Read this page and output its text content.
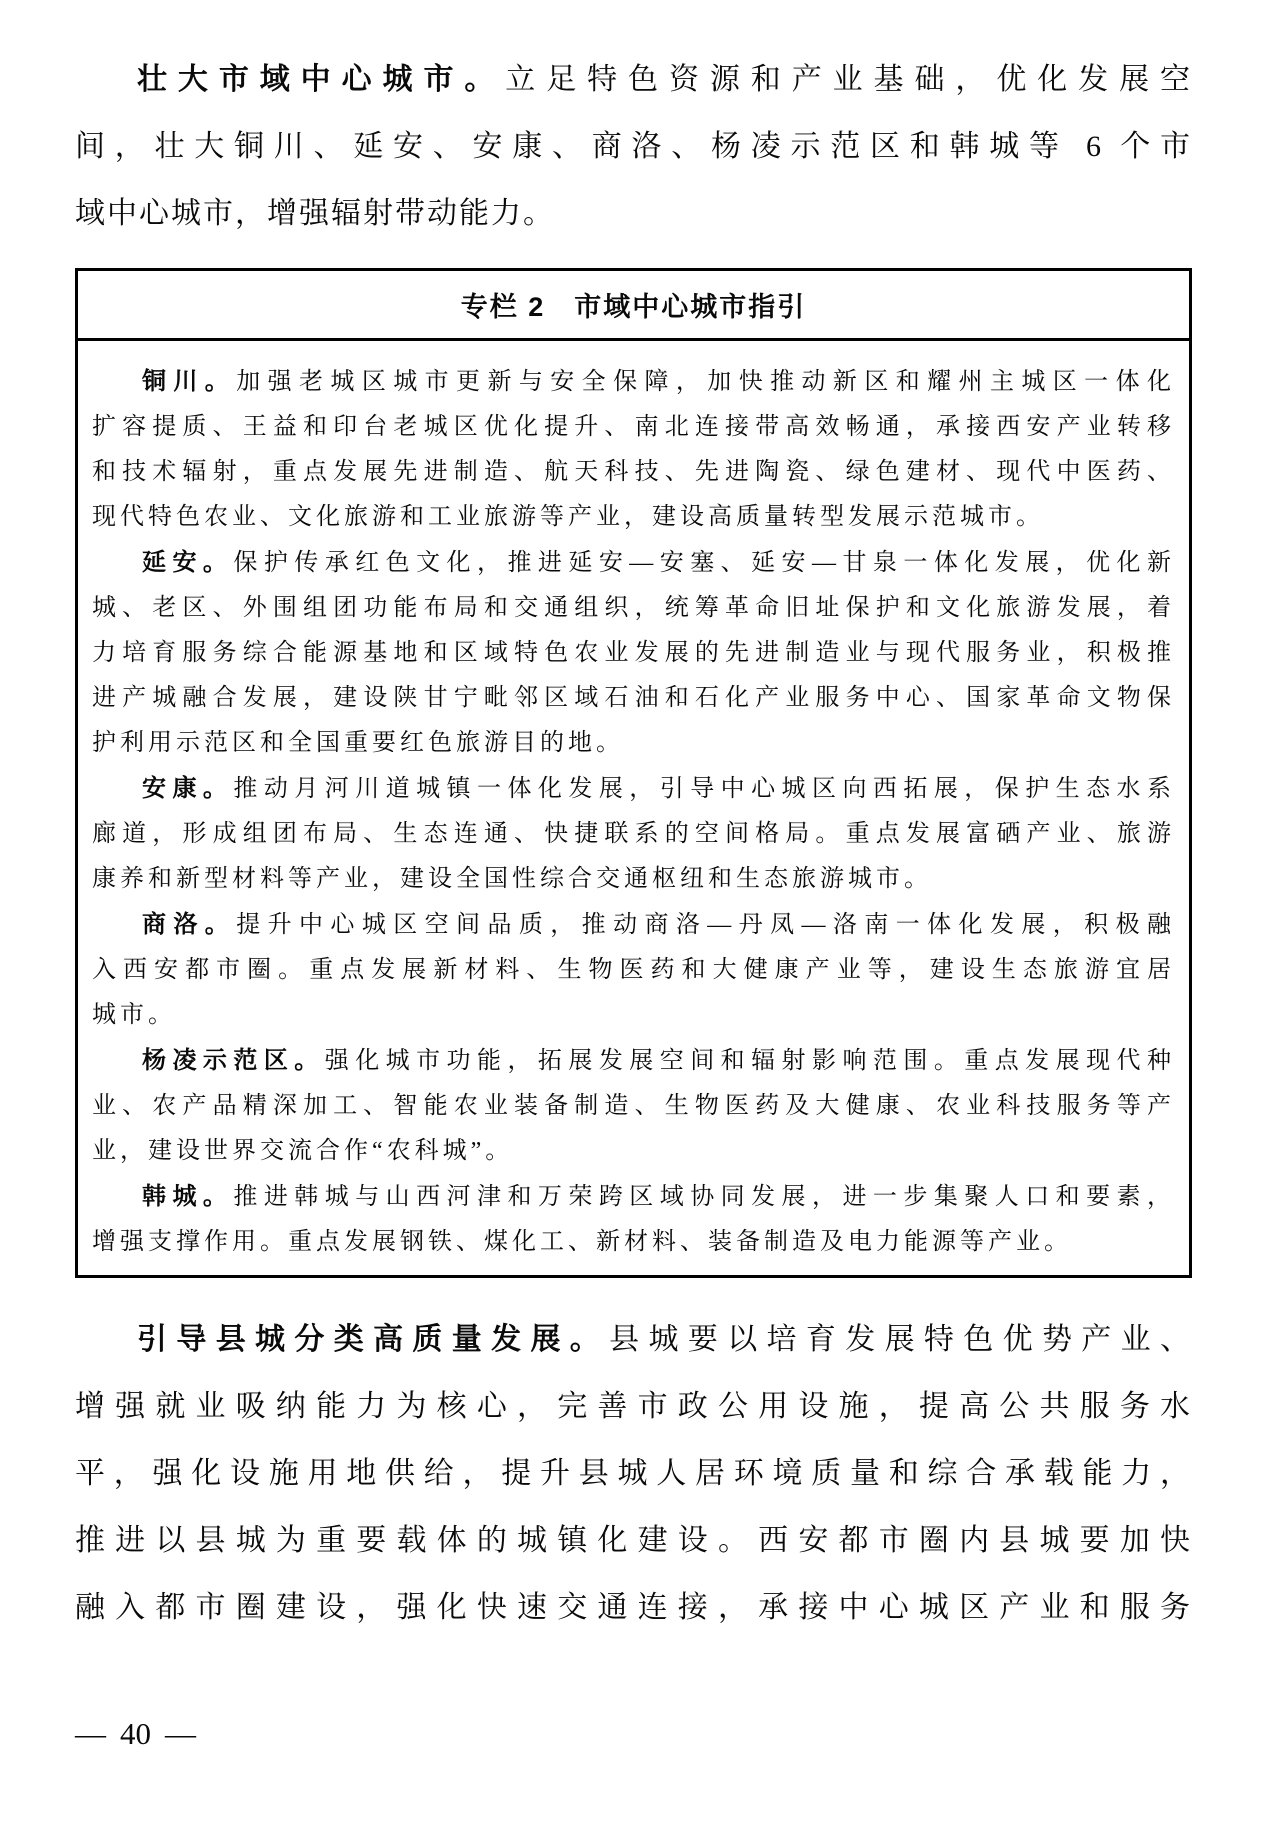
壮大市域中心城市。立足特色资源和产业基础，优化发展空
间，壮大铜川、延安、安康、商洛、杨凌示范区和韩城等 6 个市
域中心城市，增强辐射带动能力。
专栏 2　市域中心城市指引
铜川。加强老城区城市更新与安全保障，加快推动新区和耀州主城区一体化
扩容提质、王益和印台老城区优化提升、南北连接带高效畅通，承接西安产业转移
和技术辐射，重点发展先进制造、航天科技、先进陶瓷、绿色建材、现代中医药、
现代特色农业、文化旅游和工业旅游等产业，建设高质量转型发展示范城市。
延安。保护传承红色文化，推进延安—安塞、延安—甘泉一体化发展，优化新
城、老区、外围组团功能布局和交通组织，统筹革命旧址保护和文化旅游发展，着
力培育服务综合能源基地和区域特色农业发展的先进制造业与现代服务业，积极推
进产城融合发展，建设陕甘宁毗邻区域石油和石化产业服务中心、国家革命文物保
护利用示范区和全国重要红色旅游目的地。
安康。推动月河川道城镇一体化发展，引导中心城区向西拓展，保护生态水系
廊道，形成组团布局、生态连通、快捷联系的空间格局。重点发展富硒产业、旅游
康养和新型材料等产业，建设全国性综合交通枢纽和生态旅游城市。
商洛。提升中心城区空间品质，推动商洛—丹凤—洛南一体化发展，积极融
入西安都市圈。重点发展新材料、生物医药和大健康产业等，建设生态旅游宜居
城市。
杨凌示范区。强化城市功能，拓展发展空间和辐射影响范围。重点发展现代种
业、农产品精深加工、智能农业装备制造、生物医药及大健康、农业科技服务等产
业，建设世界交流合作“农科城”。
韩城。推进韩城与山西河津和万荣跨区域协同发展，进一步集聚人口和要素，
增强支撑作用。重点发展钢铁、煤化工、新材料、装备制造及电力能源等产业。
引导县城分类高质量发展。县城要以培育发展特色优势产业、
增强就业吸纳能力为核心，完善市政公用设施，提高公共服务水
平，强化设施用地供给，提升县城人居环境质量和综合承载能力，
推进以县城为重要载体的城镇化建设。西安都市圈内县城要加快
融入都市圈建设，强化快速交通连接，承接中心城区产业和服务
— 40 —
